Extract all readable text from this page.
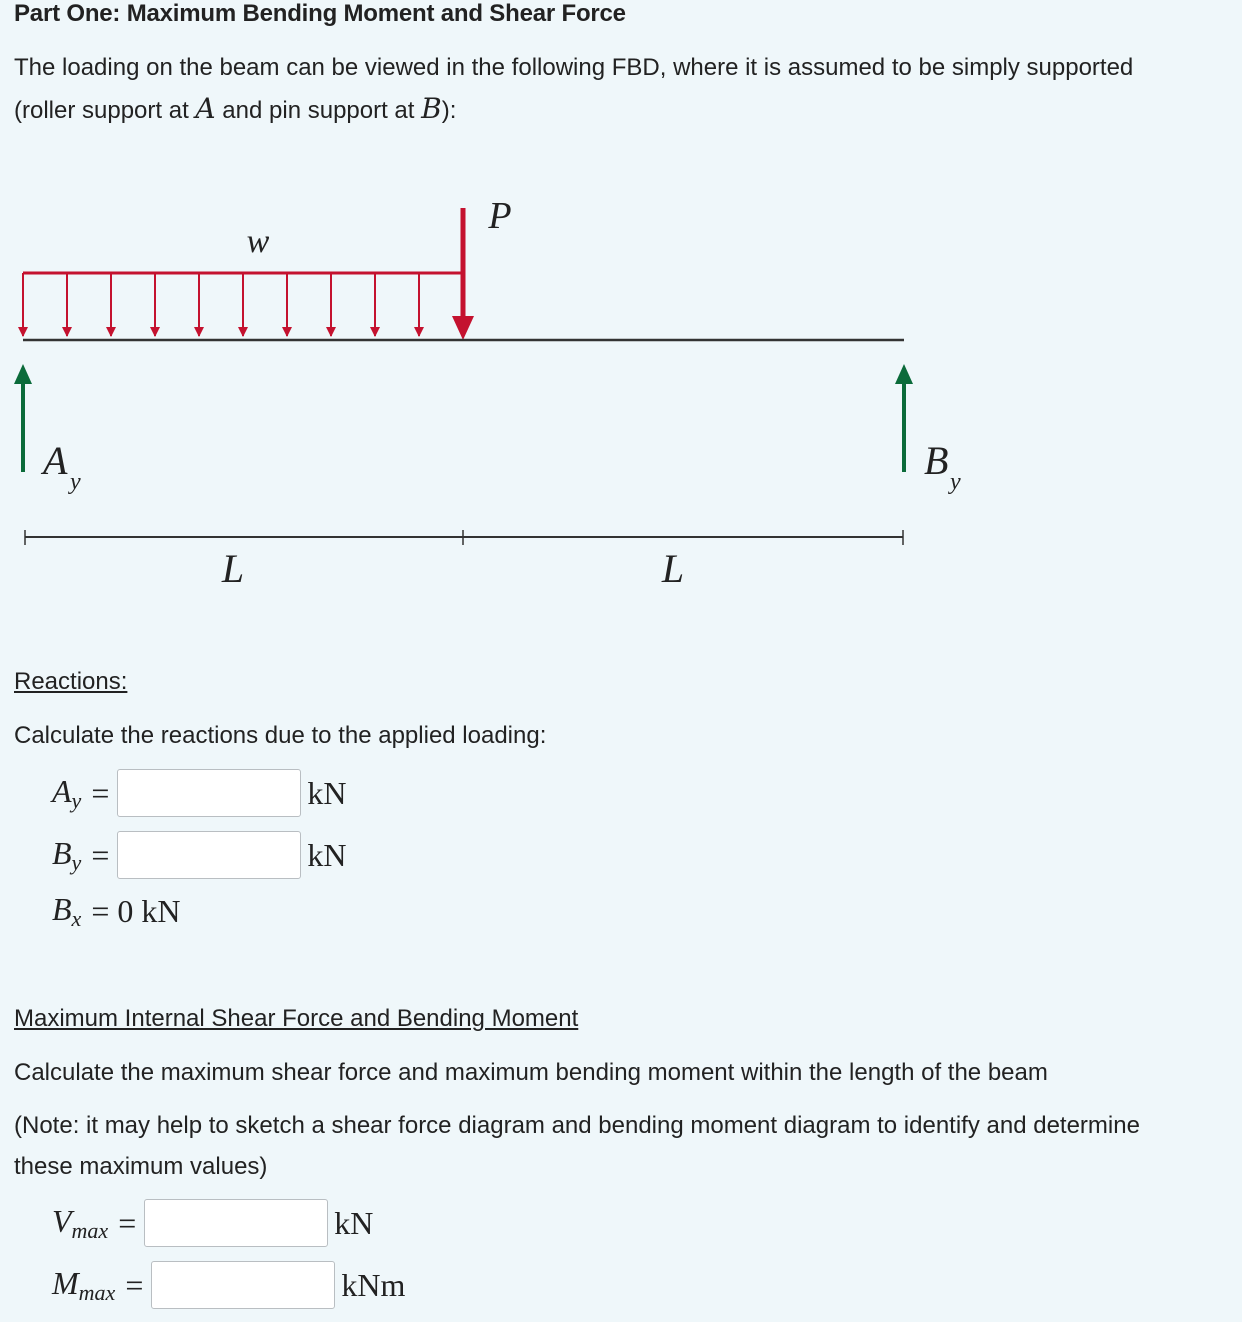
Part One: Maximum Bending Moment and Shear Force
The loading on the beam can be viewed in the following FBD, where it is assumed to be simply supported
(roller support at A and pin support at B):
w
P
A y	B y
L	L
Reactions:
Calculate the reactions due to the applied loading:
$A_y$ =	kN
$B_y$ =	kN
$B_x = 0$ kN
Maximum Internal Shear Force and Bending Moment
Calculate the maximum shear force and maximum bending moment within the length of the beam
(Note: it may help to sketch a shear force diagram and bending moment diagram to identify and determine
these maximum values)
$V_{max}$ =	kN
$M_{max}$ =	kNm
